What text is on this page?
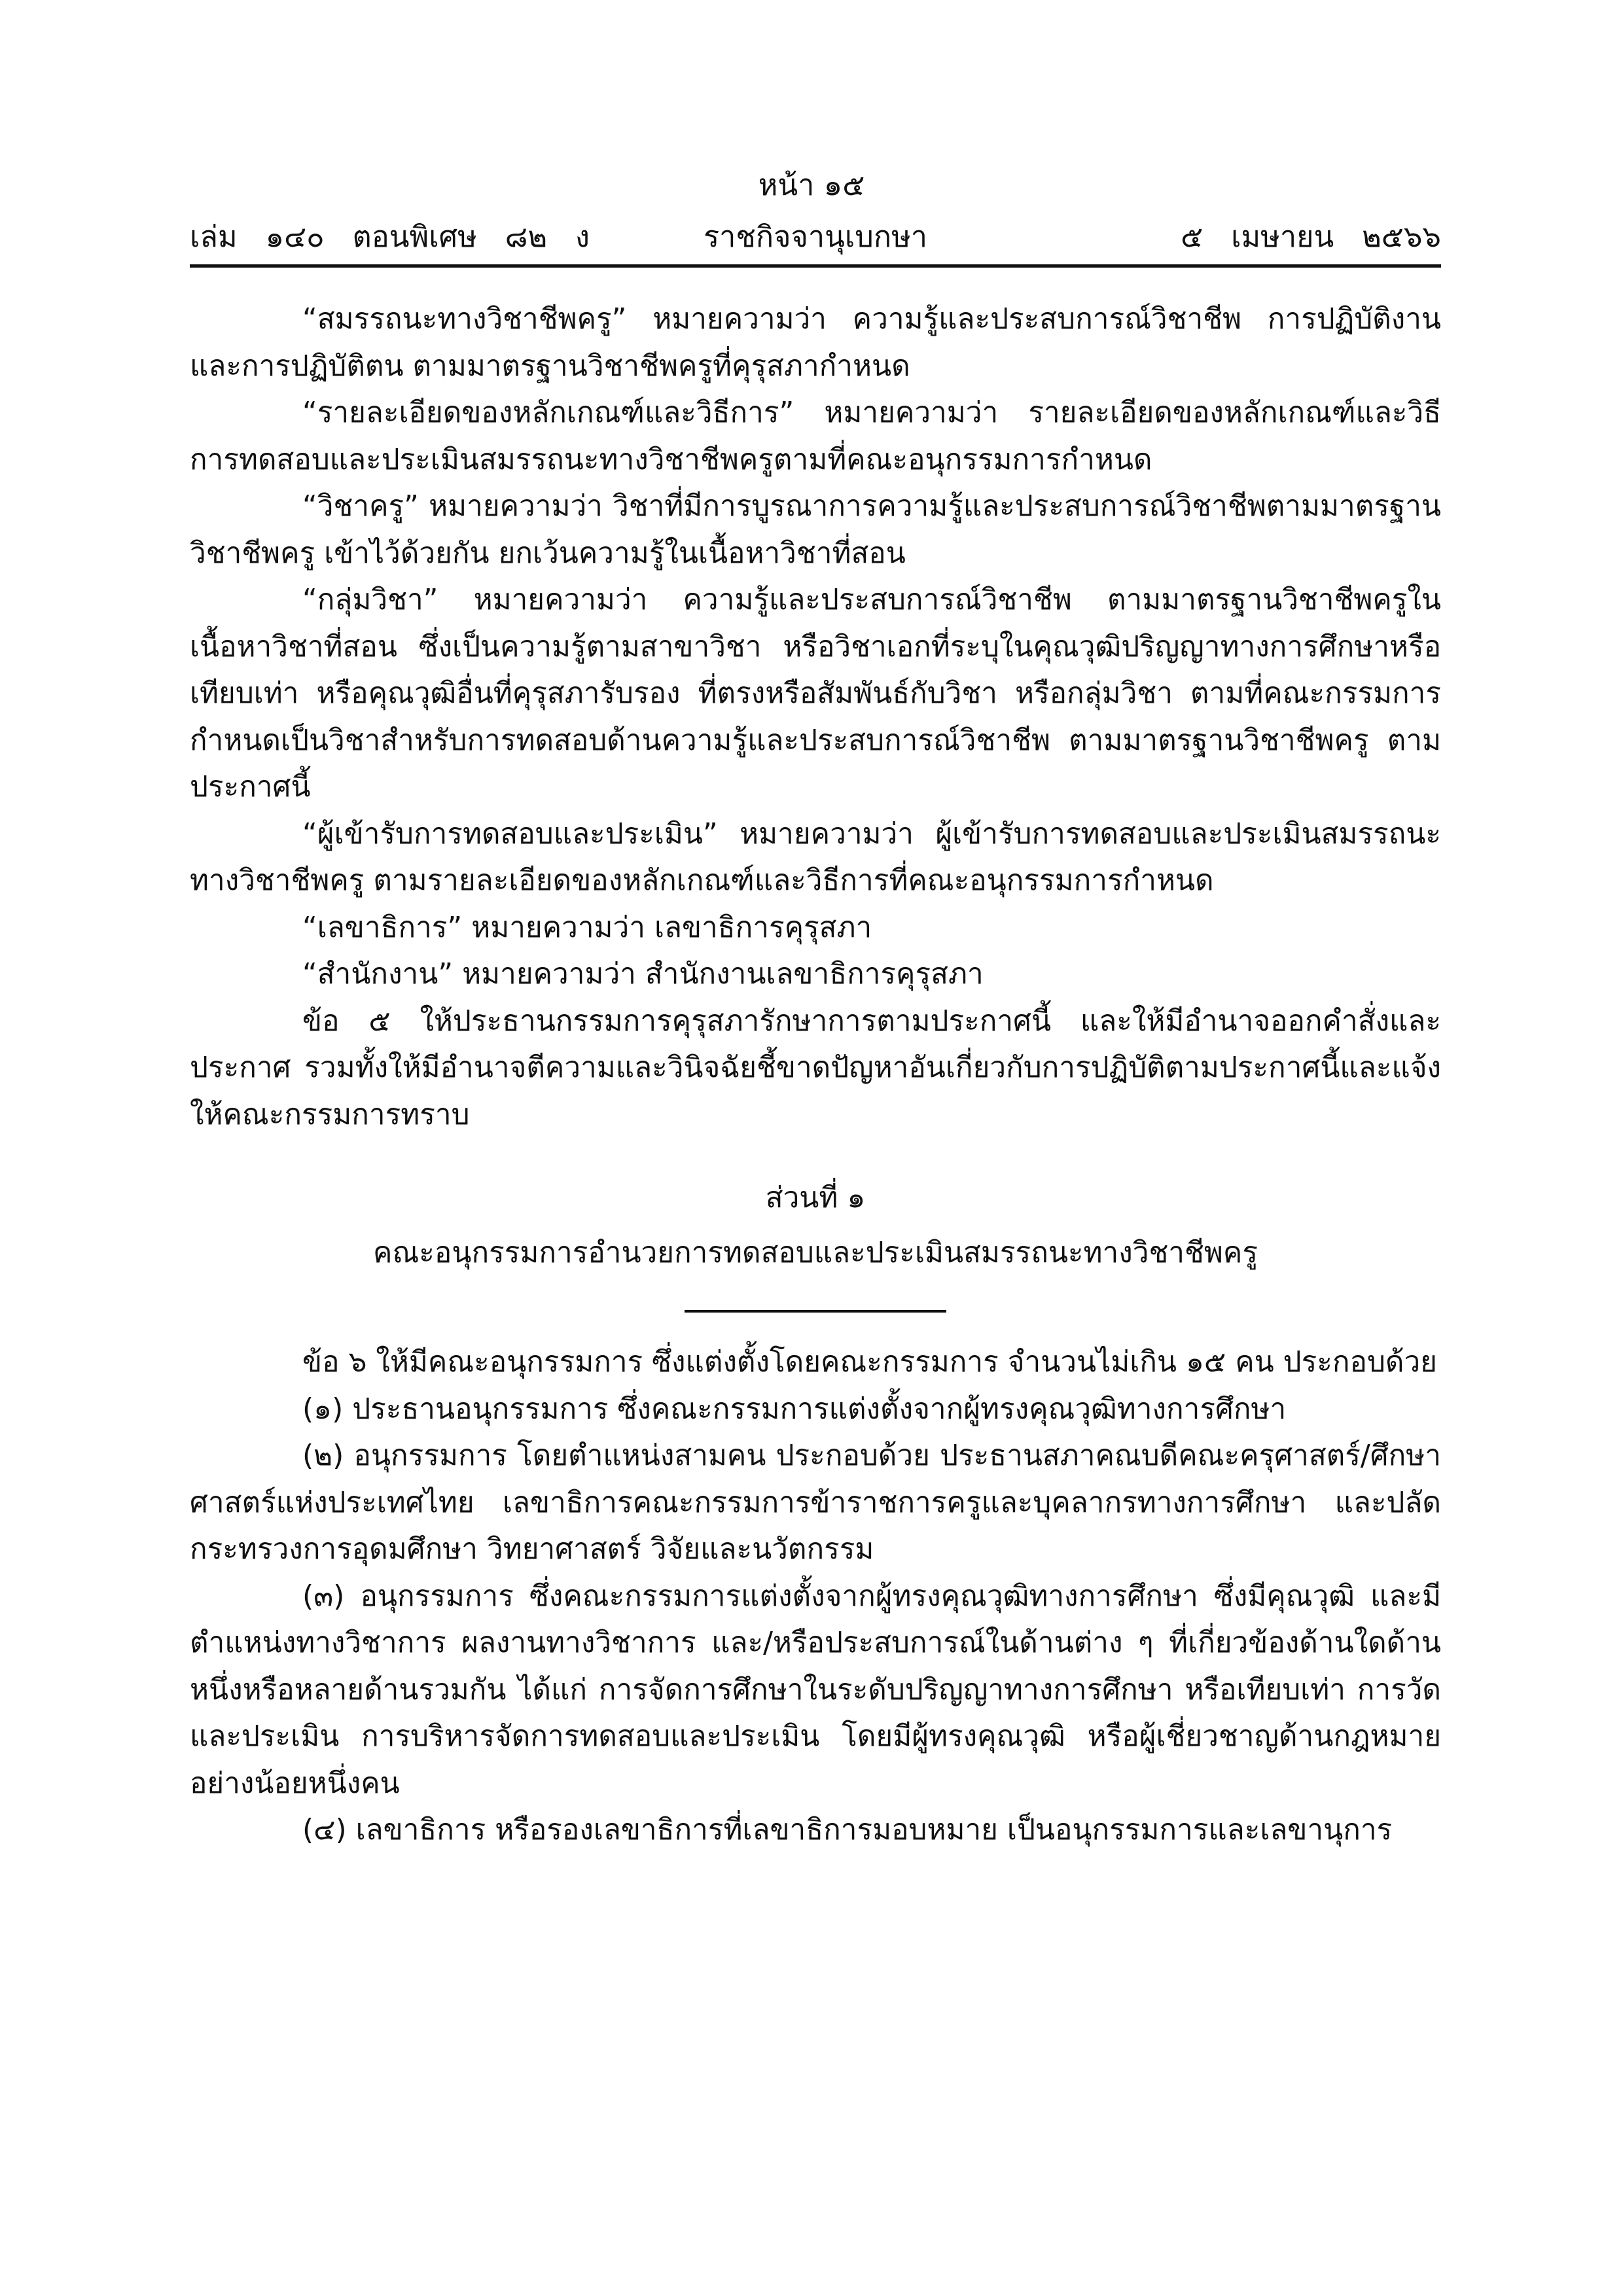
หน้า ๑๕
เล่ม   ๑๔๐   ตอนพิเศษ   ๘๒   ง	ราชกิจจานุเบกษา	๕   เมษายน   ๒๕๖๖

“สมรรถนะทางวิชาชีพครู” หมายความว่า ความรู้และประสบการณ์วิชาชีพ การปฏิบัติงานและการปฏิบัติตน ตามมาตรฐานวิชาชีพครูที่คุรุสภากำหนด

“รายละเอียดของหลักเกณฑ์และวิธีการ” หมายความว่า รายละเอียดของหลักเกณฑ์และวิธีการทดสอบและประเมินสมรรถนะทางวิชาชีพครูตามที่คณะอนุกรรมการกำหนด

“วิชาครู” หมายความว่า วิชาที่มีการบูรณาการความรู้และประสบการณ์วิชาชีพตามมาตรฐานวิชาชีพครู เข้าไว้ด้วยกัน ยกเว้นความรู้ในเนื้อหาวิชาที่สอน

“กลุ่มวิชา” หมายความว่า ความรู้และประสบการณ์วิชาชีพ ตามมาตรฐานวิชาชีพครูในเนื้อหาวิชาที่สอน ซึ่งเป็นความรู้ตามสาขาวิชา หรือวิชาเอกที่ระบุในคุณวุฒิปริญญาทางการศึกษาหรือเทียบเท่า หรือคุณวุฒิอื่นที่คุรุสภารับรอง ที่ตรงหรือสัมพันธ์กับวิชา หรือกลุ่มวิชา ตามที่คณะกรรมการกำหนดเป็นวิชาสำหรับการทดสอบด้านความรู้และประสบการณ์วิชาชีพ ตามมาตรฐานวิชาชีพครู ตามประกาศนี้

“ผู้เข้ารับการทดสอบและประเมิน” หมายความว่า ผู้เข้ารับการทดสอบและประเมินสมรรถนะทางวิชาชีพครู ตามรายละเอียดของหลักเกณฑ์และวิธีการที่คณะอนุกรรมการกำหนด

“เลขาธิการ” หมายความว่า เลขาธิการคุรุสภา

“สำนักงาน” หมายความว่า สำนักงานเลขาธิการคุรุสภา

ข้อ ๕ ให้ประธานกรรมการคุรุสภารักษาการตามประกาศนี้ และให้มีอำนาจออกคำสั่งและประกาศ รวมทั้งให้มีอำนาจตีความและวินิจฉัยชี้ขาดปัญหาอันเกี่ยวกับการปฏิบัติตามประกาศนี้และแจ้งให้คณะกรรมการทราบ

ส่วนที่ ๑
คณะอนุกรรมการอำนวยการทดสอบและประเมินสมรรถนะทางวิชาชีพครู

ข้อ ๖ ให้มีคณะอนุกรรมการ ซึ่งแต่งตั้งโดยคณะกรรมการ จำนวนไม่เกิน ๑๕ คน ประกอบด้วย

(๑) ประธานอนุกรรมการ ซึ่งคณะกรรมการแต่งตั้งจากผู้ทรงคุณวุฒิทางการศึกษา

(๒) อนุกรรมการ โดยตำแหน่งสามคน ประกอบด้วย ประธานสภาคณบดีคณะครุศาสตร์/ศึกษาศาสตร์แห่งประเทศไทย เลขาธิการคณะกรรมการข้าราชการครูและบุคลากรทางการศึกษา และปลัดกระทรวงการอุดมศึกษา วิทยาศาสตร์ วิจัยและนวัตกรรม

(๓) อนุกรรมการ ซึ่งคณะกรรมการแต่งตั้งจากผู้ทรงคุณวุฒิทางการศึกษา ซึ่งมีคุณวุฒิ และมีตำแหน่งทางวิชาการ ผลงานทางวิชาการ และ/หรือประสบการณ์ในด้านต่าง ๆ ที่เกี่ยวข้องด้านใดด้านหนึ่งหรือหลายด้านรวมกัน ได้แก่ การจัดการศึกษาในระดับปริญญาทางการศึกษา หรือเทียบเท่า การวัดและประเมิน การบริหารจัดการทดสอบและประเมิน โดยมีผู้ทรงคุณวุฒิ หรือผู้เชี่ยวชาญด้านกฎหมายอย่างน้อยหนึ่งคน

(๔) เลขาธิการ หรือรองเลขาธิการที่เลขาธิการมอบหมาย เป็นอนุกรรมการและเลขานุการ
